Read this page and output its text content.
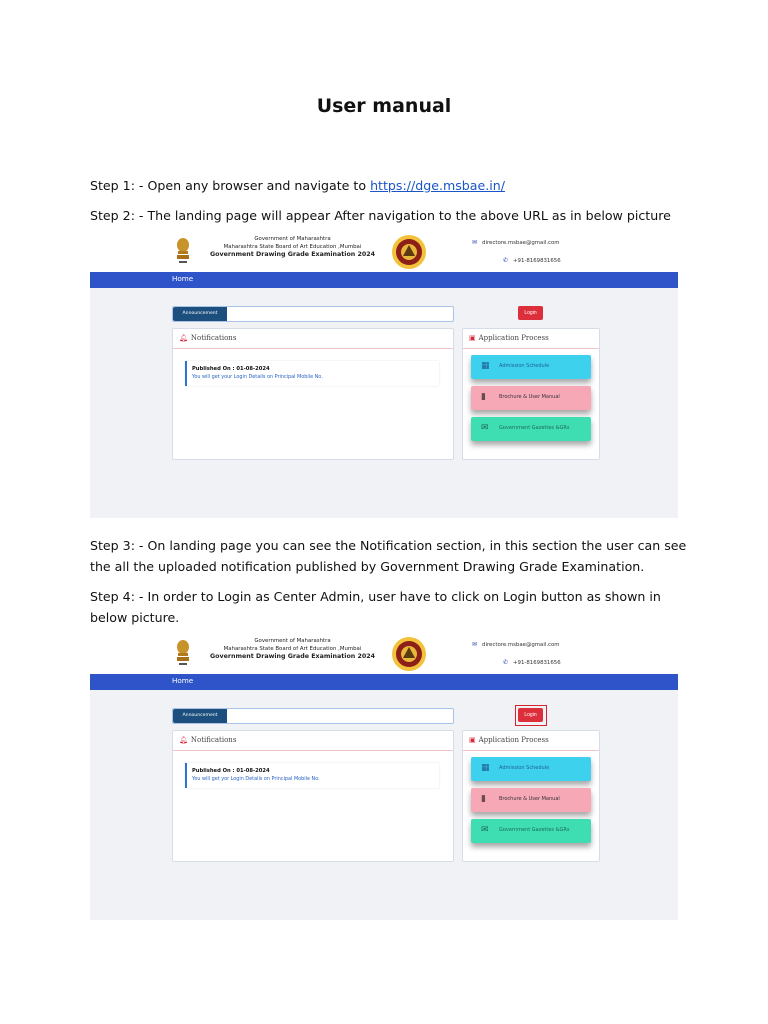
User manual
Step 1: - Open any browser and navigate to https://dge.msbae.in/
Step 2: - The landing page will appear After navigation to the above URL as in below picture
Government of Maharashtra
Maharashtra State Board of Art Education ,Mumbai
Government Drawing Grade Examination 2024
✉ directore.msbae@gmail.com
✆ +91-8169831656
Home
Announcement	Login
🔔︎ Notifications
Published On : 01-08-2024
You will get your Login Details on Principal Mobile No.
▣ Application Process
▦ Admission Schedule
▮	Brochure & User Manual
✉ Government Gazettes &GRs
Step 3: - On landing page you can see the Notification section, in this section the user can see the all the uploaded notification published by Government Drawing Grade Examination.
Step 4: - In order to Login as Center Admin, user have to click on Login button as shown in below picture.
Government of Maharashtra
Maharashtra State Board of Art Education ,Mumbai
Government Drawing Grade Examination 2024
✉ directore.msbae@gmail.com
✆ +91-8169831656
Home
Announcement	Login
🔔︎ Notifications
Published On : 01-08-2024
You will get yor Login Details on Principal Mobile No.
▣ Application Process
▦ Admission Schedule
▮	Brochure & User Manual
✉ Government Gazettes &GRs
